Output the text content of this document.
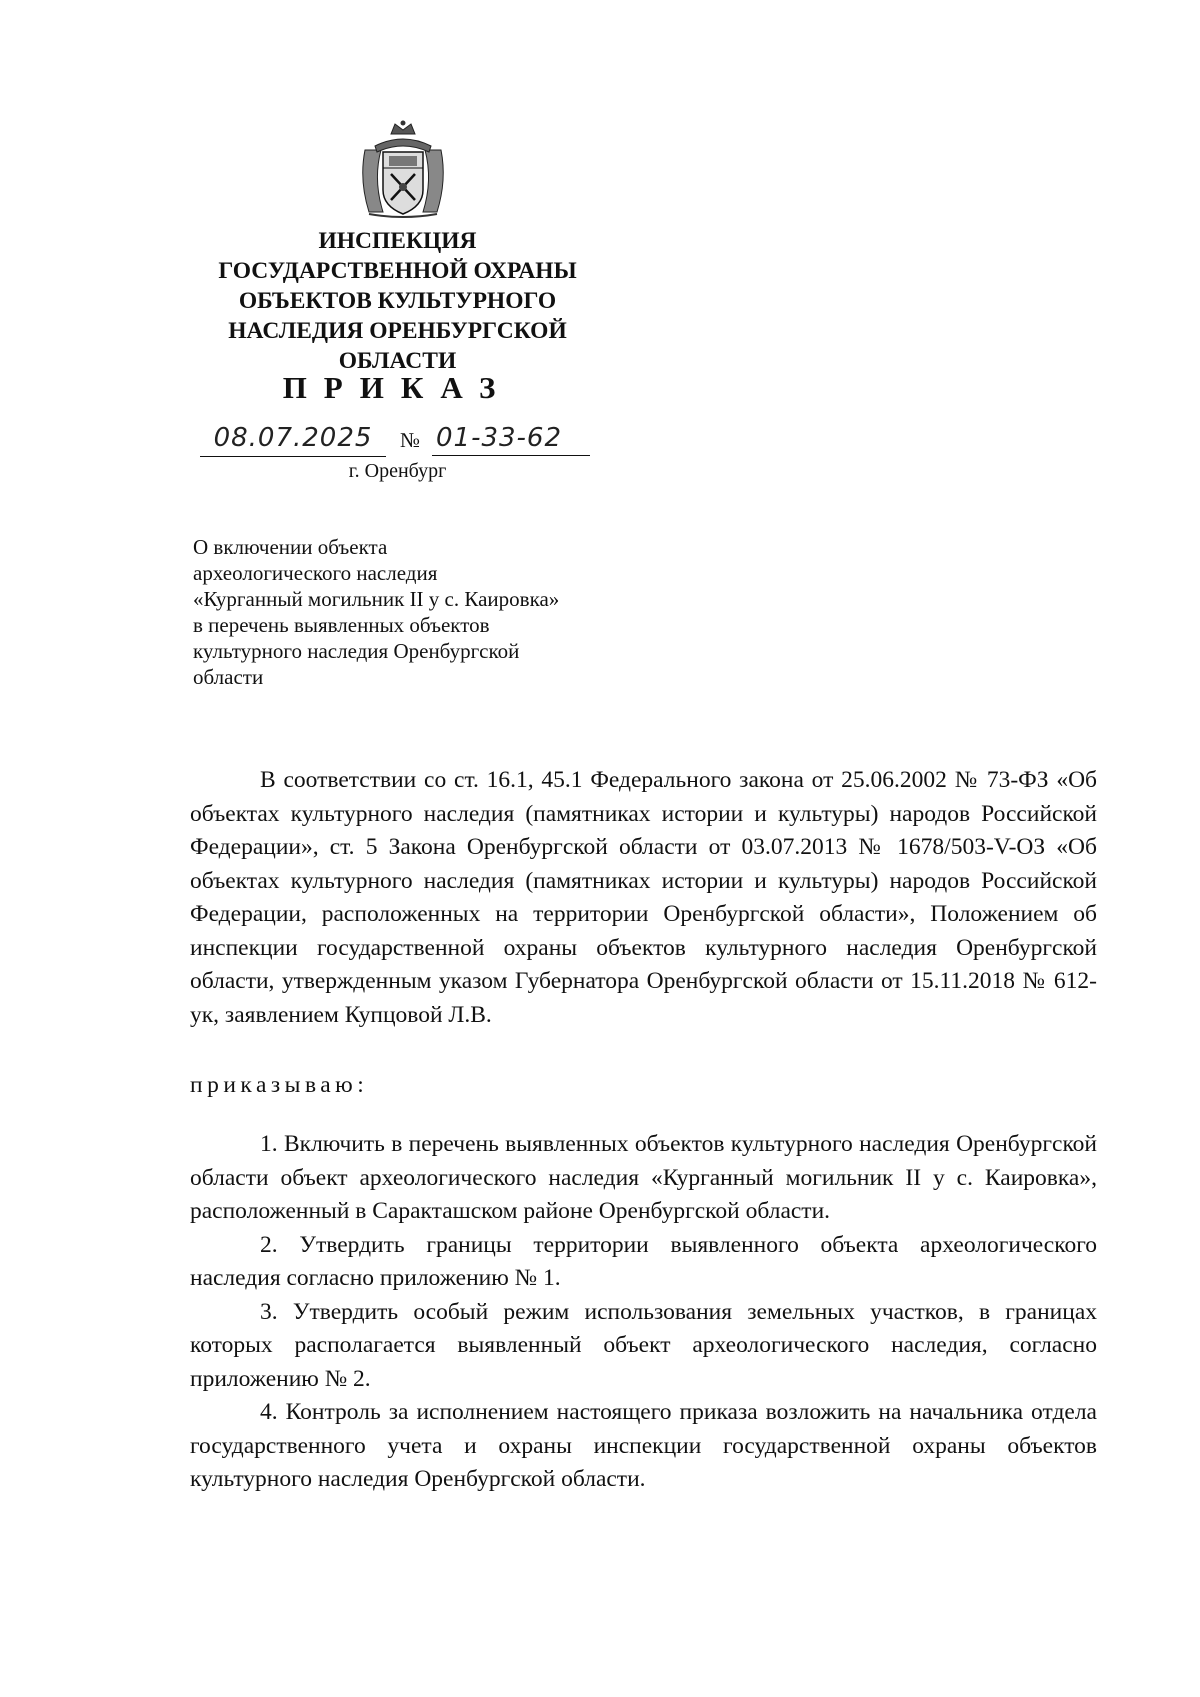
ИНСПЕКЦИЯ
ГОСУДАРСТВЕННОЙ ОХРАНЫ
ОБЪЕКТОВ КУЛЬТУРНОГО
НАСЛЕДИЯ ОРЕНБУРГСКОЙ
ОБЛАСТИ
ПРИКАЗ
08.07.2025	№ 01-33-62
г. Оренбург
О включении объекта
археологического наследия
«Курганный могильник II у с. Каировка»
в перечень выявленных объектов
культурного наследия Оренбургской
области

В соответствии со ст. 16.1, 45.1 Федерального закона от 25.06.2002 № 73-ФЗ «Об объектах культурного наследия (памятниках истории и культуры) народов Российской Федерации», ст. 5 Закона Оренбургской области от 03.07.2013 № 1678/503-V-ОЗ «Об объектах культурного наследия (памятниках истории и культуры) народов Российской Федерации, расположенных на территории Оренбургской области», Положением об инспекции государственной охраны объектов культурного наследия Оренбургской области, утвержденным указом Губернатора Оренбургской области от 15.11.2018 № 612-ук, заявлением Купцовой Л.В.

приказываю:

1. Включить в перечень выявленных объектов культурного наследия Оренбургской области объект археологического наследия «Курганный могильник II у с. Каировка», расположенный в Саракташском районе Оренбургской области.

2. Утвердить границы территории выявленного объекта археологического наследия согласно приложению № 1.

3. Утвердить особый режим использования земельных участков, в границах которых располагается выявленный объект археологического наследия, согласно приложению № 2.

4. Контроль за исполнением настоящего приказа возложить на начальника отдела государственного учета и охраны инспекции государственной охраны объектов культурного наследия Оренбургской области.
